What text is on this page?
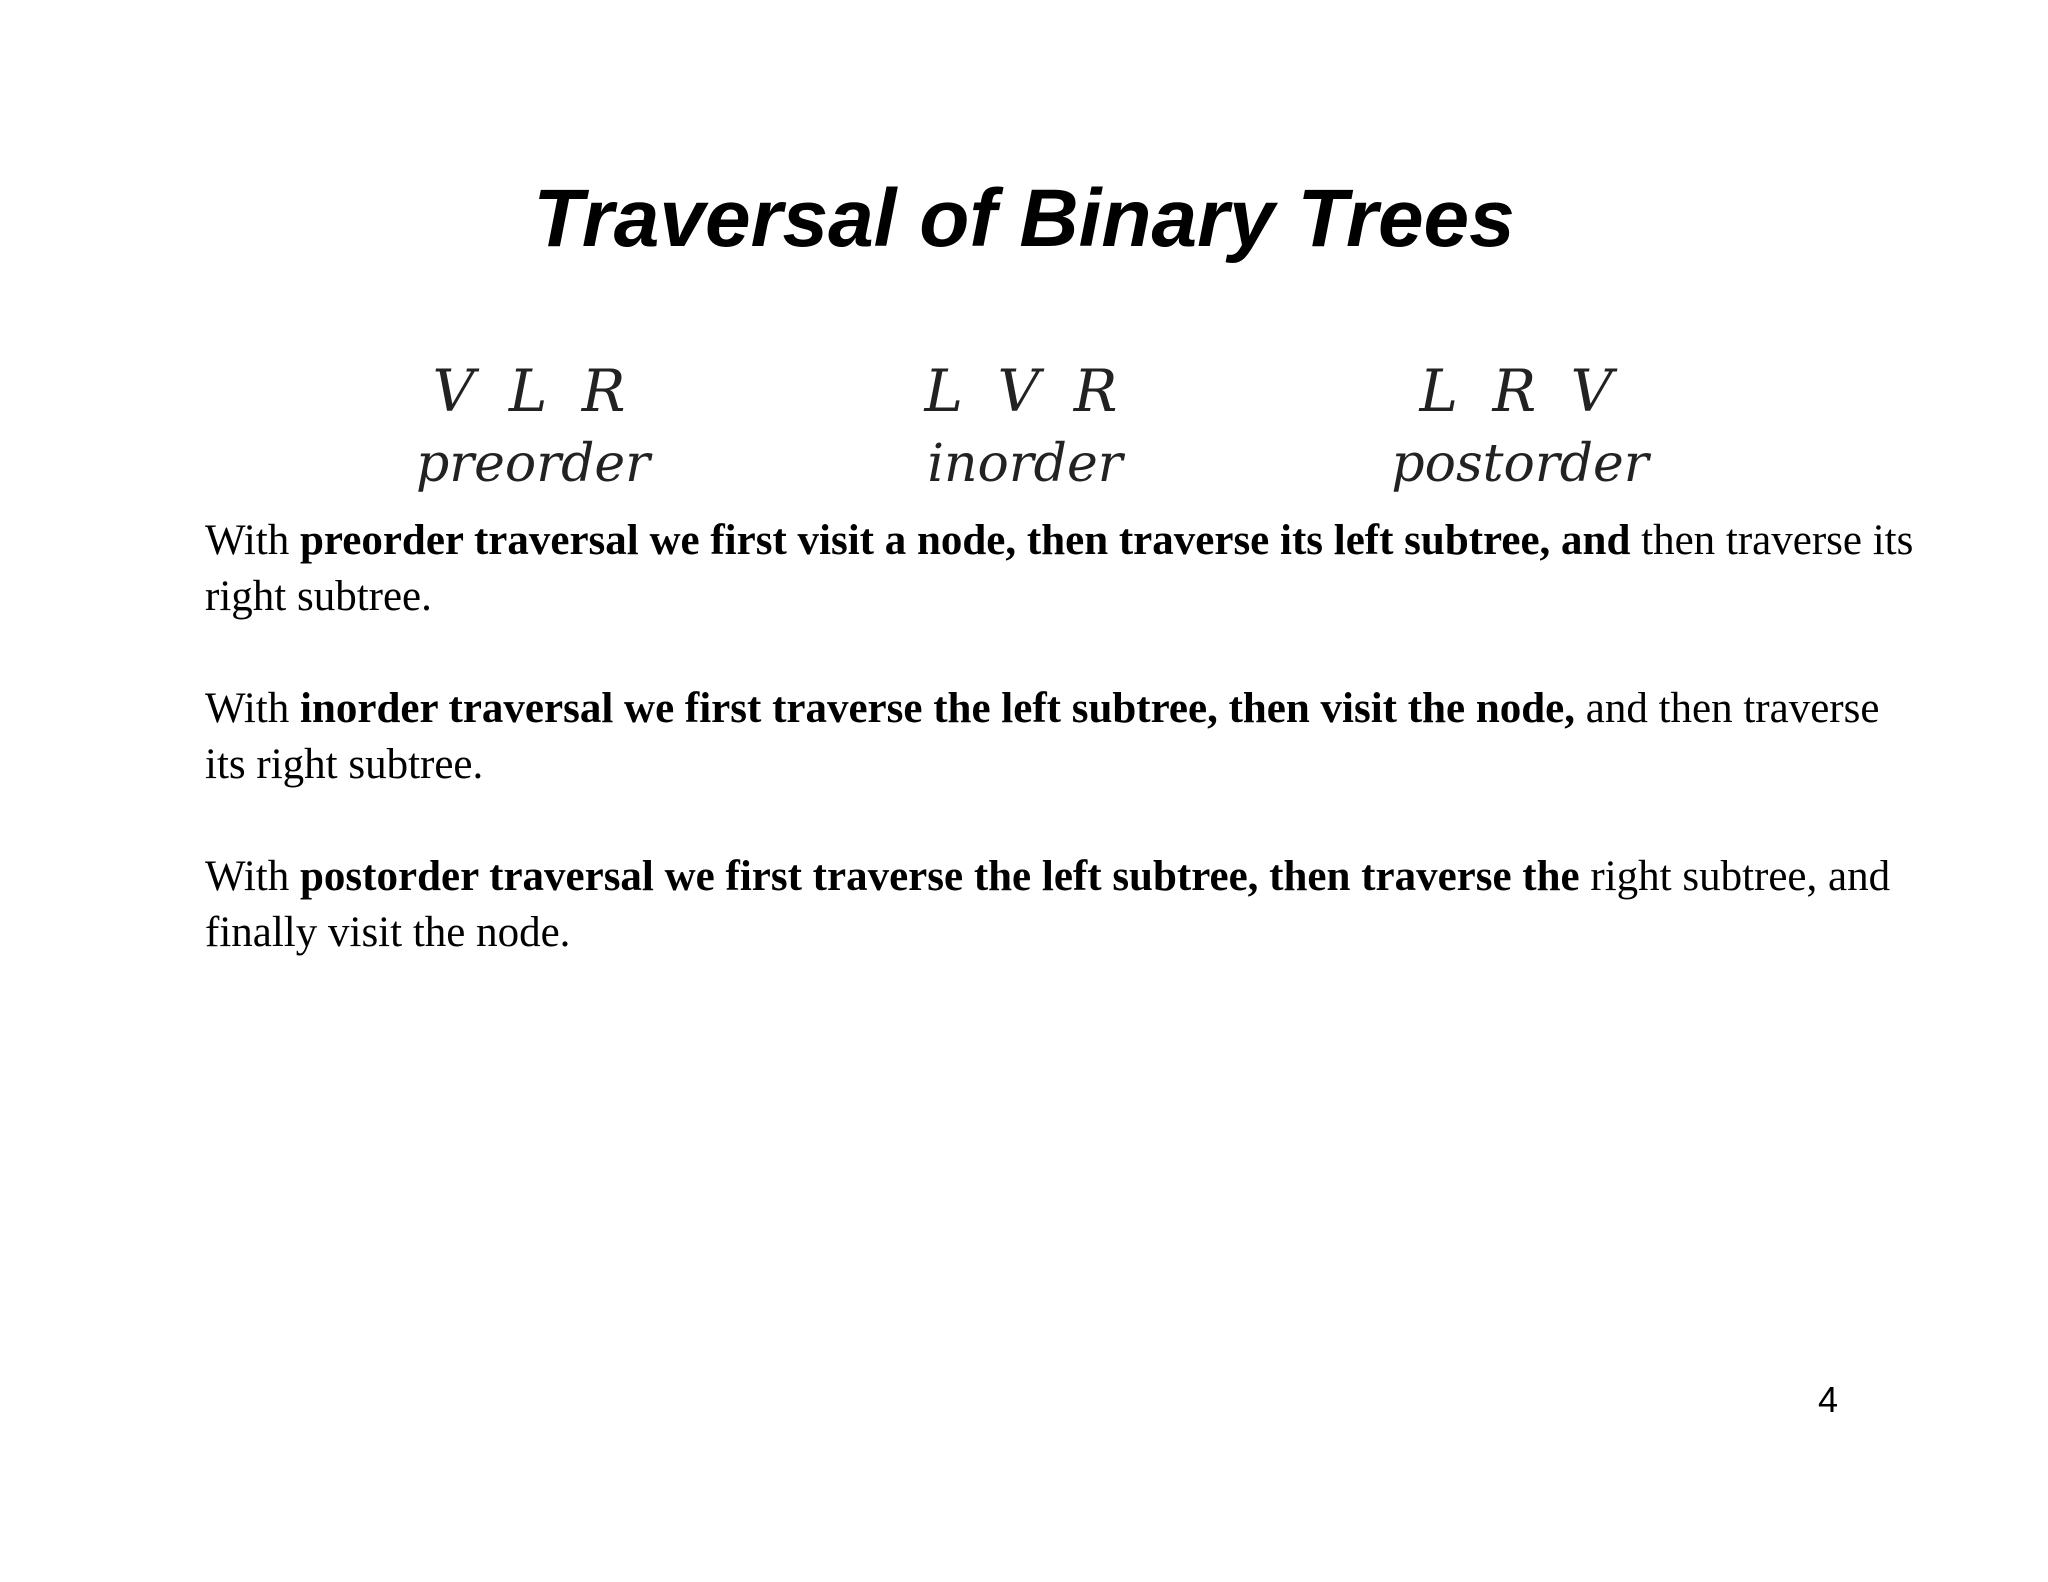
Traversal of Binary Trees
V L R
preorder
L V R
inorder
L R V
postorder

With preorder traversal we first visit a node, then traverse its left subtree, and then traverse its right subtree.

With inorder traversal we first traverse the left subtree, then visit the node, and then traverse its right subtree.

With postorder traversal we first traverse the left subtree, then traverse the right subtree, and finally visit the node.

4
